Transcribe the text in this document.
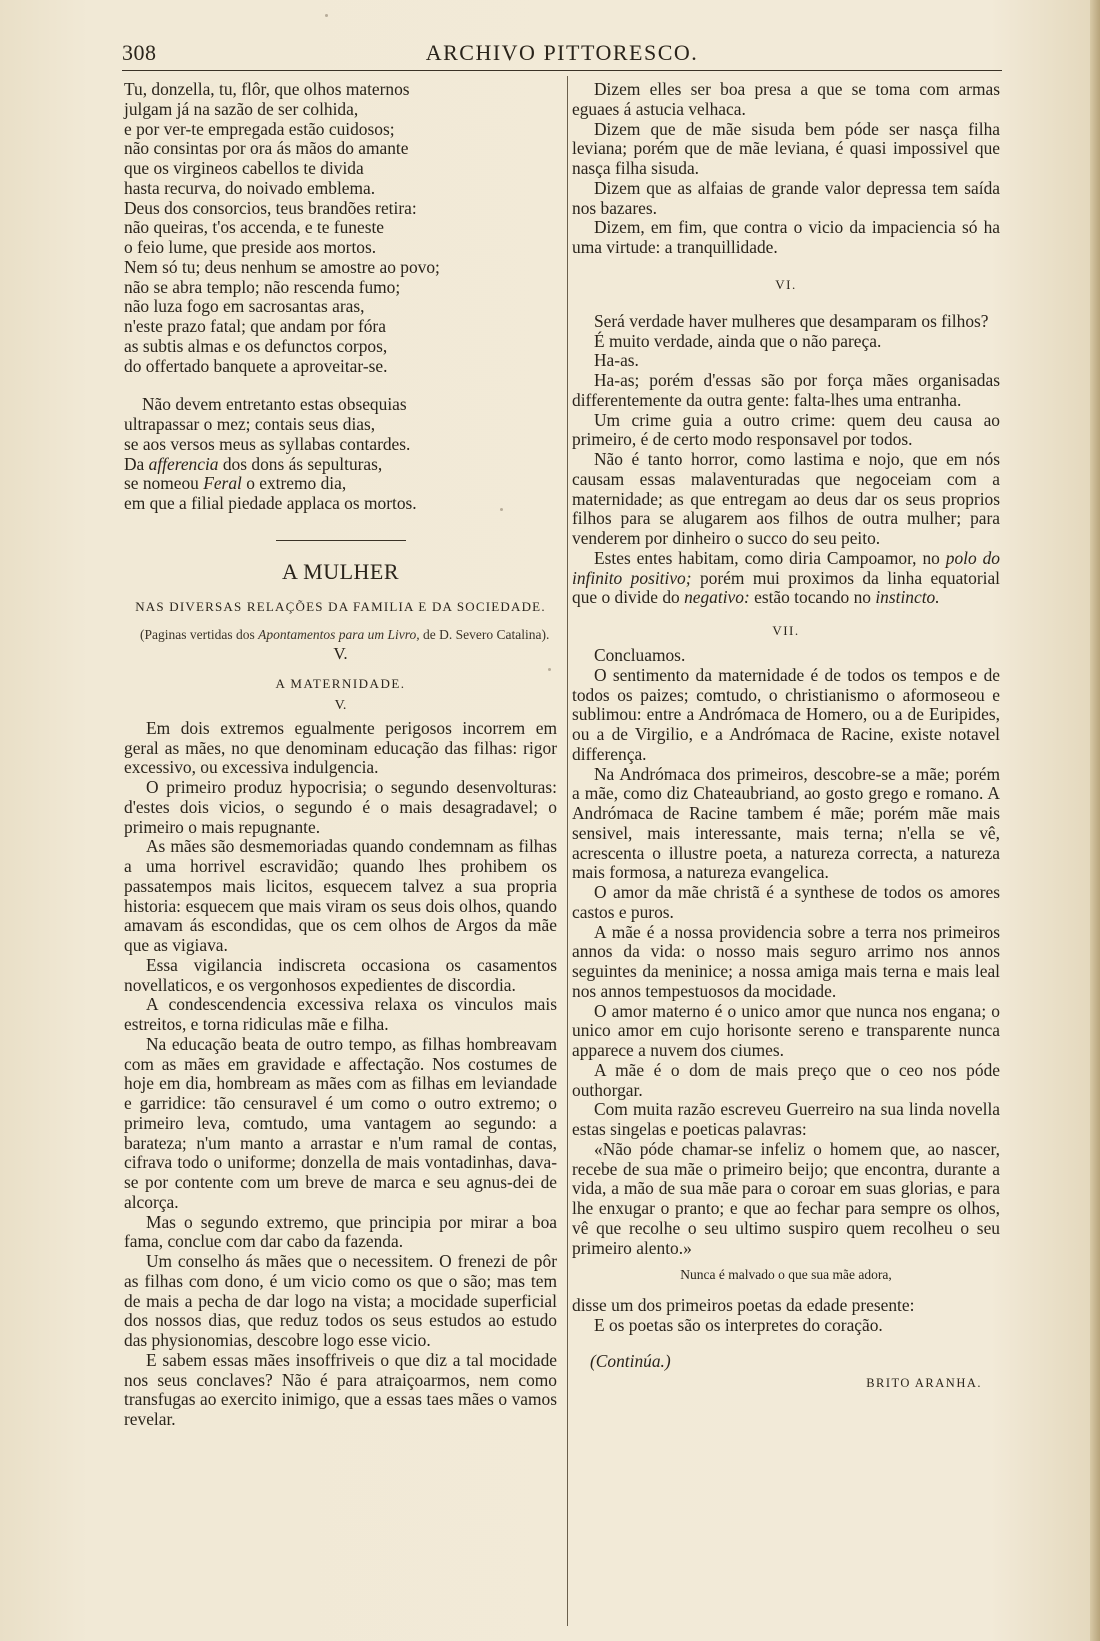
308	ARCHIVO PITTORESCO.
Tu, donzella, tu, flôr, que olhos maternos
julgam já na sazão de ser colhida,
e por ver-te empregada estão cuidosos;
não consintas por ora ás mãos do amante
que os virgineos cabellos te divida
hasta recurva, do noivado emblema.
Deus dos consorcios, teus brandões retira:
não queiras, t'os accenda, e te funeste
o feio lume, que preside aos mortos.
Nem só tu; deus nenhum se amostre ao povo;
não se abra templo; não rescenda fumo;
não luza fogo em sacrosantas aras,
n'este prazo fatal; que andam por fóra
as subtis almas e os defunctos corpos,
do offertado banquete a aproveitar-se.
Não devem entretanto estas obsequias
ultrapassar o mez; contais seus dias,
se aos versos meus as syllabas contardes.
Da afferencia dos dons ás sepulturas,
se nomeou Feral o extremo dia,
em que a filial piedade applaca os mortos.
A MULHER
NAS DIVERSAS RELAÇÕES DA FAMILIA E DA SOCIEDADE.
(Paginas vertidas dos Apontamentos para um Livro, de D. Severo Catalina).
V.
A MATERNIDADE.
V.
Em dois extremos egualmente perigosos incorrem em geral as mães, no que denominam educação das filhas: rigor excessivo, ou excessiva indulgencia.
O primeiro produz hypocrisia; o segundo desenvolturas: d'estes dois vicios, o segundo é o mais desagradavel; o primeiro o mais repugnante.
As mães são desmemoriadas quando condemnam as filhas a uma horrivel escravidão; quando lhes prohibem os passatempos mais licitos, esquecem talvez a sua propria historia: esquecem que mais viram os seus dois olhos, quando amavam ás escondidas, que os cem olhos de Argos da mãe que as vigiava.
Essa vigilancia indiscreta occasiona os casamentos novellaticos, e os vergonhosos expedientes de discordia.
A condescendencia excessiva relaxa os vinculos mais estreitos, e torna ridiculas mãe e filha.
Na educação beata de outro tempo, as filhas hombreavam com as mães em gravidade e affectação. Nos costumes de hoje em dia, hombream as mães com as filhas em leviandade e garridice: tão censuravel é um como o outro extremo; o primeiro leva, comtudo, uma vantagem ao segundo: a barateza; n'um manto a arrastar e n'um ramal de contas, cifrava todo o uniforme; donzella de mais vontadinhas, dava-se por contente com um breve de marca e seu agnus-dei de alcorça.
Mas o segundo extremo, que principia por mirar a boa fama, conclue com dar cabo da fazenda.
Um conselho ás mães que o necessitem. O frenezi de pôr as filhas com dono, é um vicio como os que o são; mas tem de mais a pecha de dar logo na vista; a mocidade superficial dos nossos dias, que reduz todos os seus estudos ao estudo das physionomias, descobre logo esse vicio.
E sabem essas mães insoffriveis o que diz a tal mocidade nos seus conclaves? Não é para atraiçoarmos, nem como transfugas ao exercito inimigo, que a essas taes mães o vamos revelar.
Dizem elles ser boa presa a que se toma com armas eguaes á astucia velhaca.
Dizem que de mãe sisuda bem póde ser nasça filha leviana; porém que de mãe leviana, é quasi impossivel que nasça filha sisuda.
Dizem que as alfaias de grande valor depressa tem saída nos bazares.
Dizem, em fim, que contra o vicio da impaciencia só ha uma virtude: a tranquillidade.
VI.
Será verdade haver mulheres que desamparam os filhos?
É muito verdade, ainda que o não pareça.
Ha-as.
Ha-as; porém d'essas são por força mães organisadas differentemente da outra gente: falta-lhes uma entranha.
Um crime guia a outro crime: quem deu causa ao primeiro, é de certo modo responsavel por todos.
Não é tanto horror, como lastima e nojo, que em nós causam essas malaventuradas que negoceiam com a maternidade; as que entregam ao deus dar os seus proprios filhos para se alugarem aos filhos de outra mulher; para venderem por dinheiro o succo do seu peito.
Estes entes habitam, como diria Campoamor, no polo do infinito positivo; porém mui proximos da linha equatorial que o divide do negativo: estão tocando no instincto.
VII.
Concluamos.
O sentimento da maternidade é de todos os tempos e de todos os paizes; comtudo, o christianismo o aformoseou e sublimou: entre a Andrómaca de Homero, ou a de Euripides, ou a de Virgilio, e a Andrómaca de Racine, existe notavel differença.
Na Andrómaca dos primeiros, descobre-se a mãe; porém a mãe, como diz Chateaubriand, ao gosto grego e romano. A Andrómaca de Racine tambem é mãe; porém mãe mais sensivel, mais interessante, mais terna; n'ella se vê, acrescenta o illustre poeta, a natureza correcta, a natureza mais formosa, a natureza evangelica.
O amor da mãe christã é a synthese de todos os amores castos e puros.
A mãe é a nossa providencia sobre a terra nos primeiros annos da vida: o nosso mais seguro arrimo nos annos seguintes da meninice; a nossa amiga mais terna e mais leal nos annos tempestuosos da mocidade.
O amor materno é o unico amor que nunca nos engana; o unico amor em cujo horisonte sereno e transparente nunca apparece a nuvem dos ciumes.
A mãe é o dom de mais preço que o ceo nos póde outhorgar.
Com muita razão escreveu Guerreiro na sua linda novella estas singelas e poeticas palavras:
«Não póde chamar-se infeliz o homem que, ao nascer, recebe de sua mãe o primeiro beijo; que encontra, durante a vida, a mão de sua mãe para o coroar em suas glorias, e para lhe enxugar o pranto; e que ao fechar para sempre os olhos, vê que recolhe o seu ultimo suspiro quem recolheu o seu primeiro alento.»
Nunca é malvado o que sua mãe adora,
disse um dos primeiros poetas da edade presente:
E os poetas são os interpretes do coração.
(Continúa.)
BRITO ARANHA.
